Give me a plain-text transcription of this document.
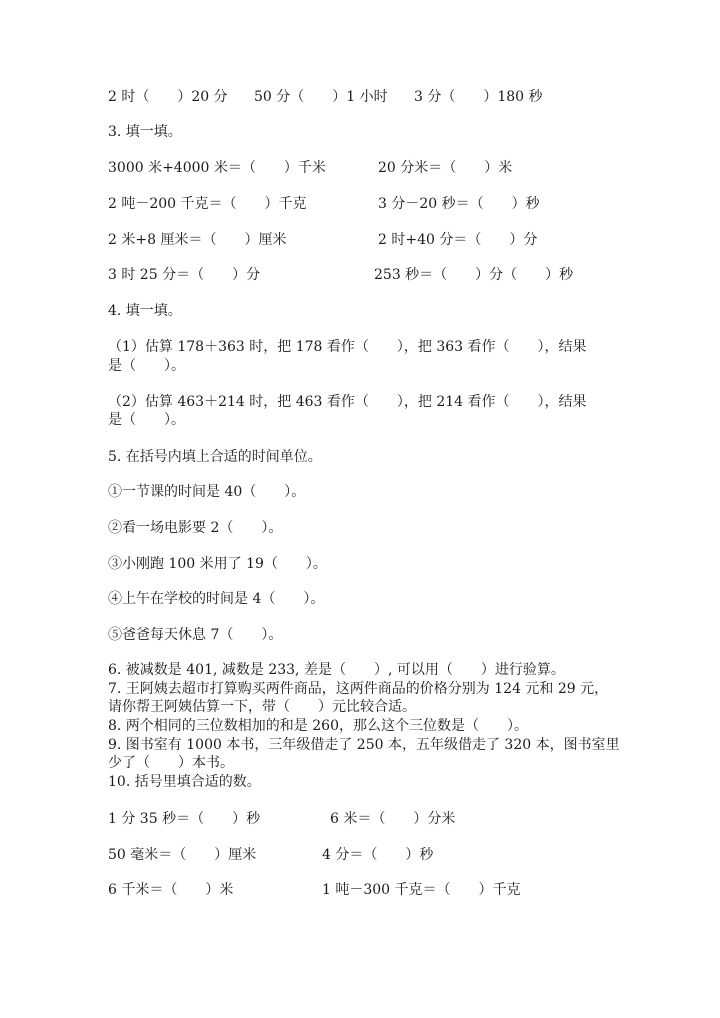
2 时（　　）20 分 50 分（　　）1 小时 3 分（　　）180 秒
3. 填一填。
3000 米+4000 米＝（　　）千米	20 分米＝（　　）米
2 吨－200 千克＝（　　）千克	3 分－20 秒＝（　　）秒
2 米+8 厘米＝（　　）厘米	2 时+40 分＝（　　）分
3 时 25 分＝（　　）分	253 秒＝（　　）分（　　）秒
4. 填一填。
（1）估算 178＋363 时，把 178 看作（　　），把 363 看作（　　），结果
是（　　）。
（2）估算 463＋214 时，把 463 看作（　　），把 214 看作（　　），结果
是（　　）。
5. 在括号内填上合适的时间单位。
①一节课的时间是 40（　　）。
②看一场电影要 2（　　）。
③小刚跑 100 米用了 19（　　）。
④上午在学校的时间是 4（　　）。
⑤爸爸每天休息 7（　　）。
6. 被减数是 401, 减数是 233, 差是（　　）, 可以用（　　）进行验算。
7. 王阿姨去超市打算购买两件商品，这两件商品的价格分别为 124 元和 29 元，
请你帮王阿姨估算一下，带（　　）元比较合适。
8. 两个相同的三位数相加的和是 260，那么这个三位数是（　　）。
9. 图书室有 1000 本书，三年级借走了 250 本，五年级借走了 320 本，图书室里
少了（　　）本书。
10. 括号里填合适的数。
1 分 35 秒＝（　　）秒	6 米＝（　　）分米
50 毫米＝（　　）厘米	4 分＝（　　）秒
6 千米＝（　　）米	1 吨－300 千克＝（　　）千克
